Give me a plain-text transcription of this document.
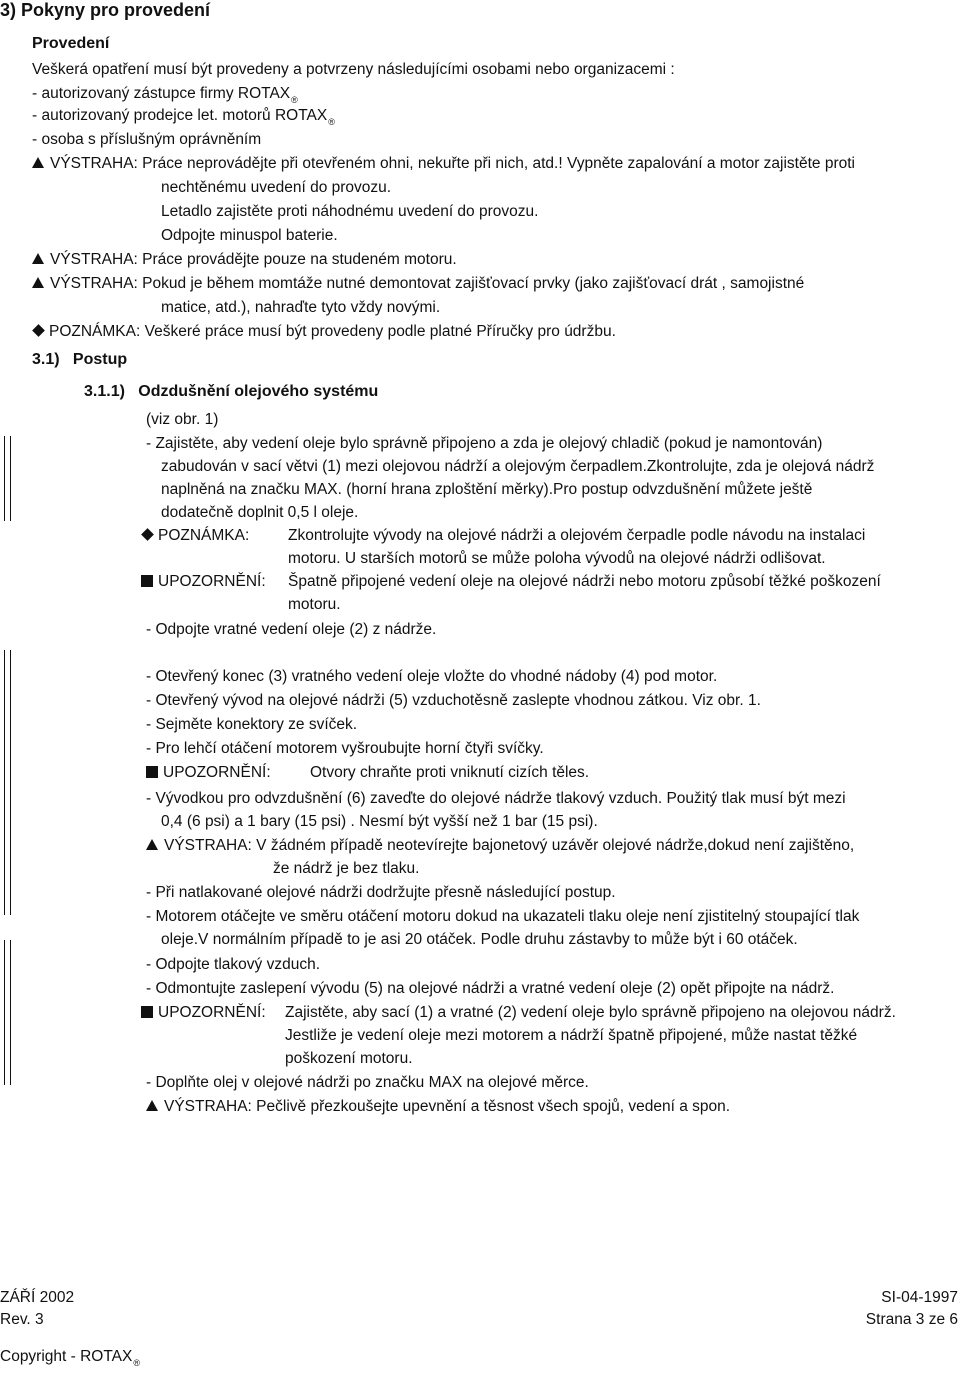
3) Pokyny pro provedení
Provedení
Veškerá opatření musí být provedeny a potvrzeny následujícími osobami nebo organizacemi :
- autorizovaný zástupce firmy $ROTAX_®$
- autorizovaný prodejce let. motorů $ROTAX_®$
- osoba s příslušným oprávněním
VÝSTRAHA: Práce neprovádějte při otevřeném ohni, nekuřte při nich, atd.! Vypněte zapalování a motor zajistěte proti
nechtěnému uvedení do provozu.
Letadlo zajistěte proti náhodnému uvedení do provozu.
Odpojte minuspol baterie.
VÝSTRAHA: Práce provádějte pouze na studeném motoru.
VÝSTRAHA: Pokud je během momtáže nutné demontovat zajišťovací prvky (jako zajišťovací drát , samojistné
matice, atd.), nahraďte tyto vždy novými.
POZNÁMKA: Veškeré práce musí být provedeny podle platné Příručky pro údržbu.
3.1)   Postup
3.1.1)   Odzdušnění olejového systému
(viz obr. 1)
- Zajistěte, aby vedení oleje bylo správně připojeno a zda je olejový chladič (pokud je namontován)
zabudován v sací větvi (1) mezi olejovou nádrží a olejovým čerpadlem.Zkontrolujte, zda je olejová nádrž
naplněná na značku MAX. (horní hrana zploštění měrky).Pro postup odvzdušnění můžete ještě
dodatečně doplnit 0,5 l oleje.
POZNÁMKA: Zkontrolujte vývody na olejové nádrži a olejovém čerpadle podle návodu na instalaci
motoru. U starších motorů se může poloha vývodů na olejové nádrži odlišovat.
UPOZORNĚNÍ: Špatně připojené vedení oleje na olejové nádrži nebo motoru způsobí těžké poškození
motoru.
- Odpojte vratné vedení oleje (2) z nádrže.
- Otevřený konec (3) vratného vedení oleje vložte do vhodné nádoby (4) pod motor.
- Otevřený vývod na olejové nádrži (5) vzduchotěsně zaslepte vhodnou zátkou. Viz obr. 1.
- Sejměte konektory ze svíček.
- Pro lehčí otáčení motorem vyšroubujte horní čtyři svíčky.
UPOZORNĚNÍ:	Otvory chraňte proti vniknutí cizích těles.
- Vývodkou pro odvzdušnění (6) zaveďte do olejové nádrže tlakový vzduch. Použitý tlak musí být mezi
0,4 (6 psi) a 1 bary (15 psi) . Nesmí být vyšší než 1 bar (15 psi).
VÝSTRAHA: V žádném případě neotevírejte bajonetový uzávěr olejové nádrže,dokud není zajištěno,
že nádrž je bez tlaku.
- Při natlakované olejové nádrži dodržujte přesně následující postup.
- Motorem otáčejte ve směru otáčení motoru dokud na ukazateli tlaku oleje není zjistitelný stoupající tlak
oleje.V normálním případě to je asi 20 otáček. Podle druhu zástavby to může být i 60 otáček.
- Odpojte tlakový vzduch.
- Odmontujte zaslepení vývodu (5) na olejové nádrži a vratné vedení oleje (2) opět připojte na nádrž.
UPOZORNĚNÍ: Zajistěte, aby sací (1) a vratné (2) vedení oleje bylo správně připojeno na olejovou nádrž.
Jestliže je vedení oleje mezi motorem a nádrží špatně připojené, může nastat těžké
poškození motoru.
- Doplňte olej v olejové nádrži po značku MAX na olejové měrce.
VÝSTRAHA: Pečlivě přezkoušejte upevnění a těsnost všech spojů, vedení a spon.
ZÁŘÍ 2002	SI-04-1997
Rev. 3	Strana 3 ze 6
Copyright - $ROTAX_®$
